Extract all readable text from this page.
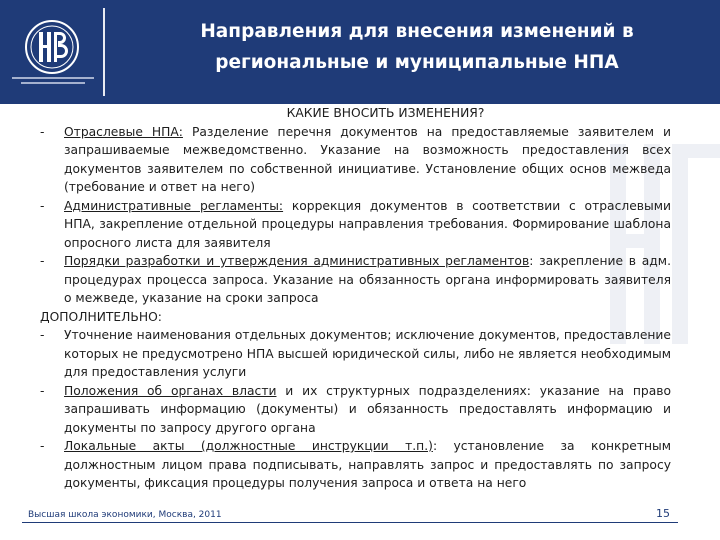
Направления для внесения изменений в
региональные и муниципальные НПА
КАКИЕ ВНОСИТЬ ИЗМЕНЕНИЯ?
- Отраслевые НПА: Разделение перечня документов на предоставляемые заявителем и запрашиваемые межведомственно. Указание на возможность предоставления всех документов заявителем по собственной инициативе. Установление общих основ межведа (требование и ответ на него)
- Административные регламенты: коррекция документов в соответствии с отраслевыми НПА, закрепление отдельной процедуры направления требования. Формирование шаблона опросного листа для заявителя
- Порядки разработки и утверждения административных регламентов: закрепление в адм. процедурах процесса запроса. Указание на обязанность органа информировать заявителя о межведе, указание на сроки запроса
ДОПОЛНИТЕЛЬНО:
- Уточнение наименования отдельных документов; исключение документов, предоставление которых не предусмотрено НПА высшей юридической силы, либо не является необходимым для предоставления услуги
- Положения об органах власти и их структурных подразделениях: указание на право запрашивать информацию (документы) и обязанность предоставлять информацию и документы по запросу другого органа
- Локальные акты (должностные инструкции т.п.): установление за конкретным должностным лицом права подписывать, направлять запрос и предоставлять по запросу документы, фиксация процедуры получения запроса и ответа на него
Высшая школа экономики, Москва, 2011	15
